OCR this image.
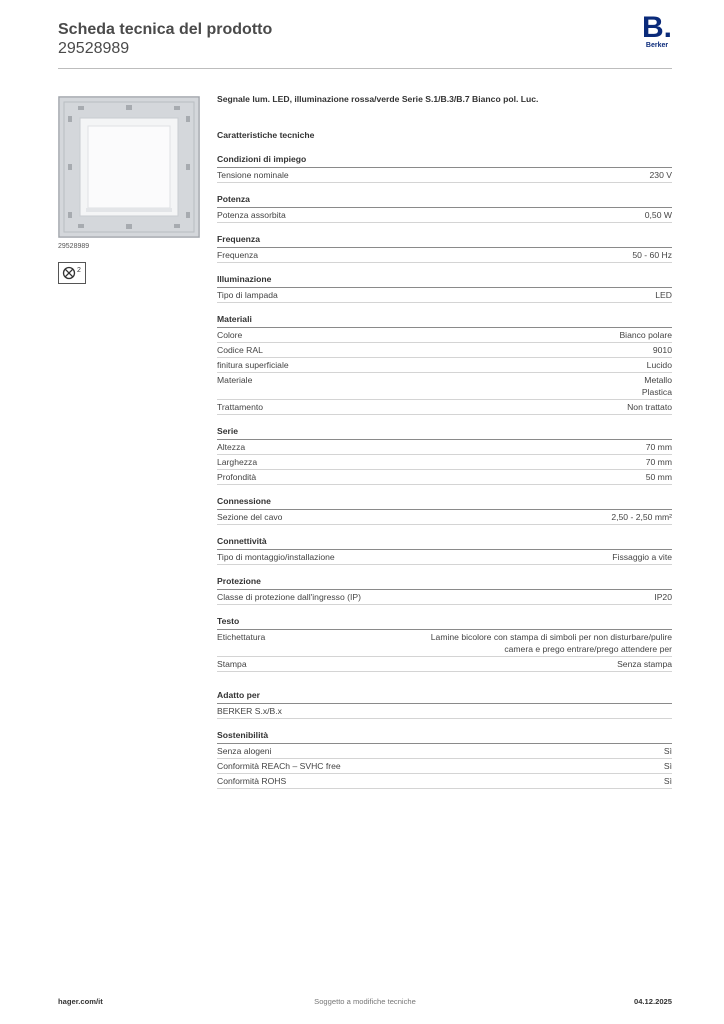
Scheda tecnica del prodotto
29528989
B.
Berker
29528989
2
Segnale lum. LED, illuminazione rossa/verde Serie S.1/B.3/B.7 Bianco pol. Luc.
Caratteristiche tecniche
Condizioni di impiego
Tensione nominale	230 V
Potenza
Potenza assorbita	0,50 W
Frequenza
Frequenza	50 - 60 Hz
Illuminazione
Tipo di lampada	LED
Materiali
Colore	Bianco polare
Codice RAL	9010
finitura superficiale	Lucido
Materiale	Metallo
Plastica
Trattamento	Non trattato
Serie
Altezza	70 mm
Larghezza	70 mm
Profondità	50 mm
Connessione
Sezione del cavo	2,50 - 2,50 mm²
Connettività
Tipo di montaggio/installazione	Fissaggio a vite
Protezione
Classe di protezione dall'ingresso (IP)	IP20
Testo
Etichettatura	Lamine bicolore con stampa di simboli per non disturbare/pulire
camera e prego entrare/prego attendere per
Stampa	Senza stampa
Adatto per
BERKER S.x/B.x
Sostenibilità
Senza alogeni	Sì
Conformità REACh – SVHC free	Sì
Conformità ROHS	Sì
hager.com/it	Soggetto a modifiche tecniche	04.12.2025
